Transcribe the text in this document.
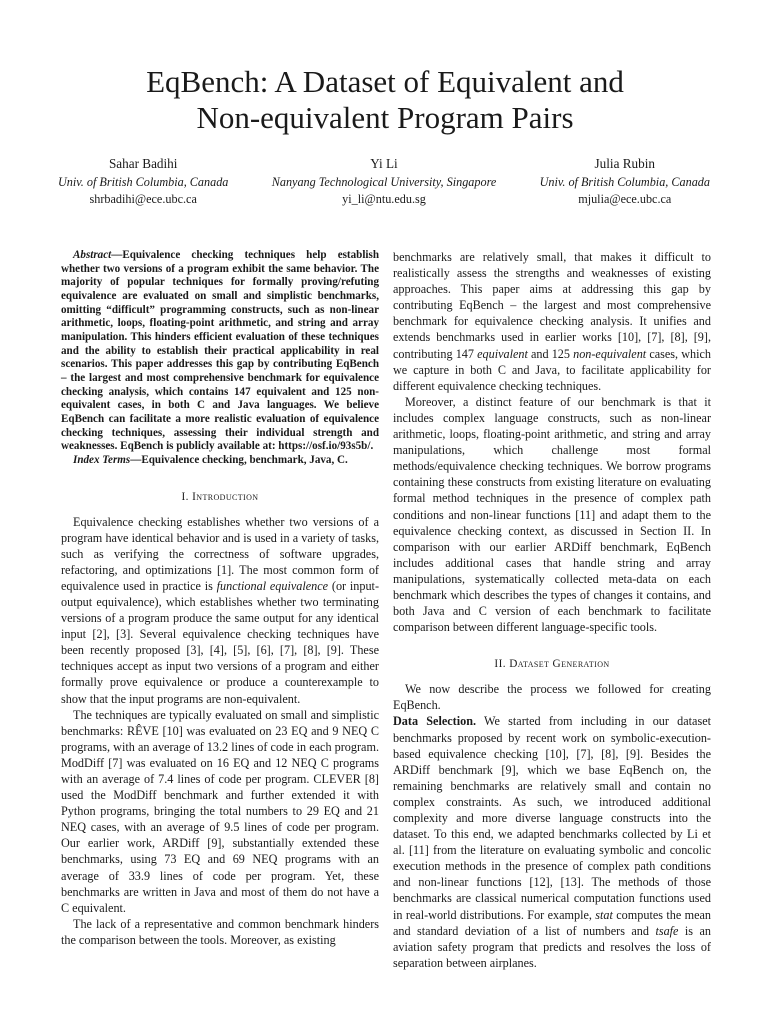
EqBench: A Dataset of Equivalent and
Non-equivalent Program Pairs
Sahar Badihi
Univ. of British Columbia, Canada
shrbadihi@ece.ubc.ca
Yi Li
Nanyang Technological University, Singapore
yi_li@ntu.edu.sg
Julia Rubin
Univ. of British Columbia, Canada
mjulia@ece.ubc.ca

Abstract—Equivalence checking techniques help establish whether two versions of a program exhibit the same behavior. The majority of popular techniques for formally proving/refuting equivalence are evaluated on small and simplistic benchmarks, omitting “difficult” programming constructs, such as non-linear arithmetic, loops, floating-point arithmetic, and string and array manipulation. This hinders efficient evaluation of these techniques and the ability to establish their practical applicability in real scenarios. This paper addresses this gap by contributing EqBench – the largest and most comprehensive benchmark for equivalence checking analysis, which contains 147 equivalent and 125 non-equivalent cases, in both C and Java languages. We believe EqBench can facilitate a more realistic evaluation of equivalence checking techniques, assessing their individual strength and weaknesses. EqBench is publicly available at: https://osf.io/93s5b/.

Index Terms—Equivalence checking, benchmark, Java, C.

I. Introduction

Equivalence checking establishes whether two versions of a program have identical behavior and is used in a variety of tasks, such as verifying the correctness of software upgrades, refactoring, and optimizations [1]. The most common form of equivalence used in practice is functional equivalence (or input-output equivalence), which establishes whether two terminating versions of a program produce the same output for any identical input [2], [3]. Several equivalence checking techniques have been recently proposed [3], [4], [5], [6], [7], [8], [9]. These techniques accept as input two versions of a program and either formally prove equivalence or produce a counterexample to show that the input programs are non-equivalent.

The techniques are typically evaluated on small and simplistic benchmarks: RÊVE [10] was evaluated on 23 EQ and 9 NEQ C programs, with an average of 13.2 lines of code in each program. ModDiff [7] was evaluated on 16 EQ and 12 NEQ C programs with an average of 7.4 lines of code per program. CLEVER [8] used the ModDiff benchmark and further extended it with Python programs, bringing the total numbers to 29 EQ and 21 NEQ cases, with an average of 9.5 lines of code per program. Our earlier work, ARDiff [9], substantially extended these benchmarks, using 73 EQ and 69 NEQ programs with an average of 33.9 lines of code per program. Yet, these benchmarks are written in Java and most of them do not have a C equivalent.

The lack of a representative and common benchmark hinders the comparison between the tools. Moreover, as existing

benchmarks are relatively small, that makes it difficult to realistically assess the strengths and weaknesses of existing approaches. This paper aims at addressing this gap by contributing EqBench – the largest and most comprehensive benchmark for equivalence checking analysis. It unifies and extends benchmarks used in earlier works [10], [7], [8], [9], contributing 147 equivalent and 125 non-equivalent cases, which we capture in both C and Java, to facilitate applicability for different equivalence checking techniques.

Moreover, a distinct feature of our benchmark is that it includes complex language constructs, such as non-linear arithmetic, loops, floating-point arithmetic, and string and array manipulations, which challenge most formal methods/equivalence checking techniques. We borrow programs containing these constructs from existing literature on evaluating formal method techniques in the presence of complex path conditions and non-linear functions [11] and adapt them to the equivalence checking context, as discussed in Section II. In comparison with our earlier ARDiff benchmark, EqBench includes additional cases that handle string and array manipulations, systematically collected meta-data on each benchmark which describes the types of changes it contains, and both Java and C version of each benchmark to facilitate comparison between different language-specific tools.

II. Dataset Generation

We now describe the process we followed for creating EqBench.

Data Selection. We started from including in our dataset benchmarks proposed by recent work on symbolic-execution-based equivalence checking [10], [7], [8], [9]. Besides the ARDiff benchmark [9], which we base EqBench on, the remaining benchmarks are relatively small and contain no complex constraints. As such, we introduced additional complexity and more diverse language constructs into the dataset. To this end, we adapted benchmarks collected by Li et al. [11] from the literature on evaluating symbolic and concolic execution methods in the presence of complex path conditions and non-linear functions [12], [13]. The methods of those benchmarks are classical numerical computation functions used in real-world distributions. For example, stat computes the mean and standard deviation of a list of numbers and tsafe is an aviation safety program that predicts and resolves the loss of separation between airplanes.
